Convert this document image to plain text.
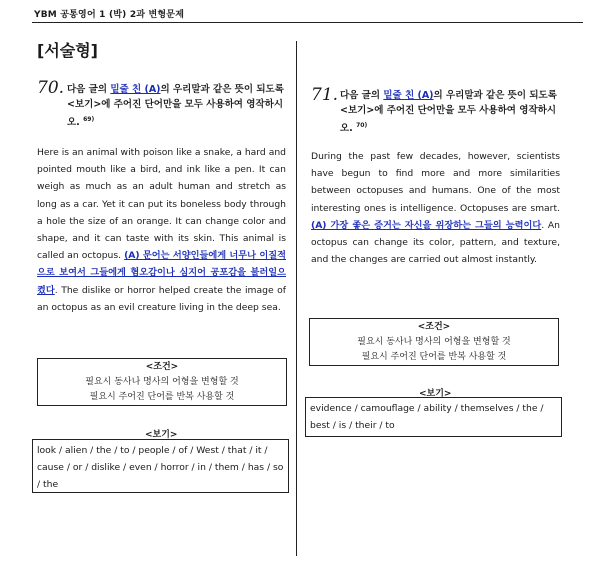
YBM 공통영어 1 (박) 2과 변형문제
[서술형]
70. 다음 글의 밑줄 친 (A)의 우리말과 같은 뜻이 되도록 <보기>에 주어진 단어만을 모두 사용하여 영작하시오. $^{69)}$
Here is an animal with poison like a snake, a hard and pointed mouth like a bird, and ink like a pen. It can weigh as much as an adult human and stretch as long as a car. Yet it can put its boneless body through a hole the size of an orange. It can change color and shape, and it can taste with its skin. This animal is called an octopus. (A) 문어는 서양인들에게 너무나 이질적으로 보여서 그들에게 혐오감이나 심지어 공포감을 불러일으켰다. The dislike or horror helped create the image of an octopus as an evil creature living in the deep sea.
<조건>
필요시 동사나 명사의 어형을 변형할 것
필요시 주어진 단어를 반복 사용할 것
<보기>
look / alien / the / to / people / of / West / that / it / cause / or / dislike / even / horror / in / them / has / so / the
71. 다음 글의 밑줄 친 (A)의 우리말과 같은 뜻이 되도록 <보기>에 주어진 단어만을 모두 사용하여 영작하시오. $^{70)}$
During the past few decades, however, scientists have begun to find more and more similarities between octopuses and humans. One of the most interesting ones is intelligence. Octopuses are smart. (A) 가장 좋은 증거는 자신을 위장하는 그들의 능력이다. An octopus can change its color, pattern, and texture, and the changes are carried out almost instantly.
<조건>
필요시 동사나 명사의 어형을 변형할 것
필요시 주어진 단어를 반복 사용할 것
<보기>
evidence / camouflage / ability / themselves / the / best / is / their / to
